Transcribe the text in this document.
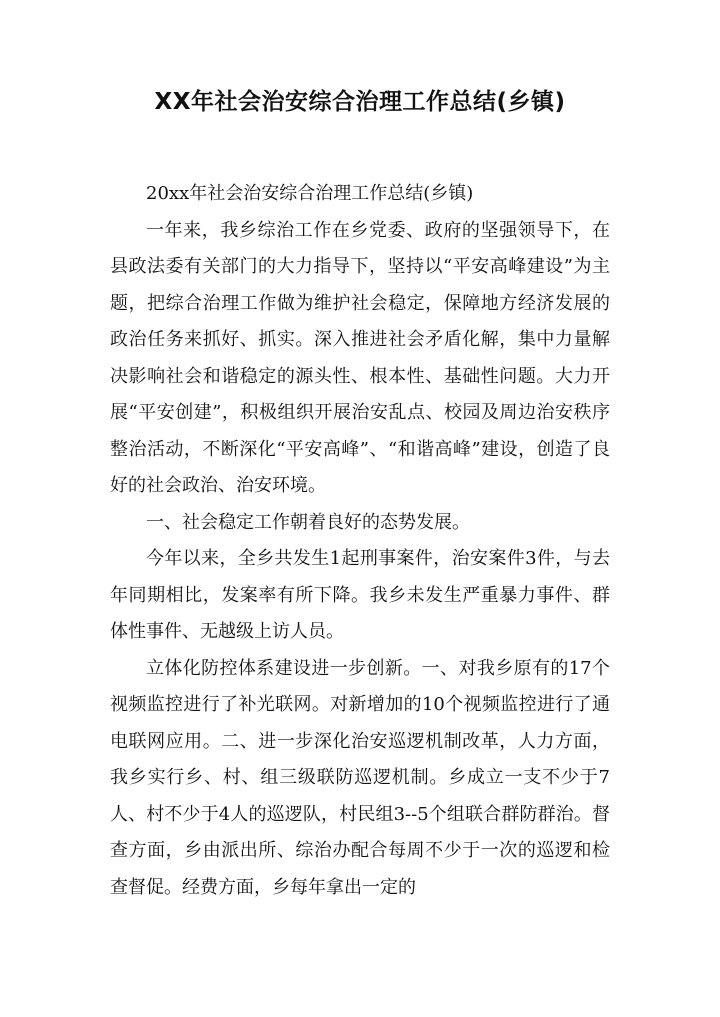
XX年社会治安综合治理工作总结(乡镇)

20xx年社会治安综合治理工作总结(乡镇)

一年来，我乡综治工作在乡党委、政府的坚强领导下，在县政法委有关部门的大力指导下，坚持以“平安高峰建设”为主题，把综合治理工作做为维护社会稳定，保障地方经济发展的政治任务来抓好、抓实。深入推进社会矛盾化解，集中力量解决影响社会和谐稳定的源头性、根本性、基础性问题。大力开展“平安创建”，积极组织开展治安乱点、校园及周边治安秩序整治活动，不断深化“平安高峰”、“和谐高峰”建设，创造了良好的社会政治、治安环境。

一、社会稳定工作朝着良好的态势发展。

今年以来，全乡共发生1起刑事案件，治安案件3件，与去年同期相比，发案率有所下降。我乡未发生严重暴力事件、群体性事件、无越级上访人员。

立体化防控体系建设进一步创新。一、对我乡原有的17个视频监控进行了补光联网。对新增加的10个视频监控进行了通电联网应用。二、进一步深化治安巡逻机制改革，人力方面，我乡实行乡、村、组三级联防巡逻机制。乡成立一支不少于7人、村不少于4人的巡逻队，村民组3--5个组联合群防群治。督查方面，乡由派出所、综治办配合每周不少于一次的巡逻和检查督促。经费方面，乡每年拿出一定的
